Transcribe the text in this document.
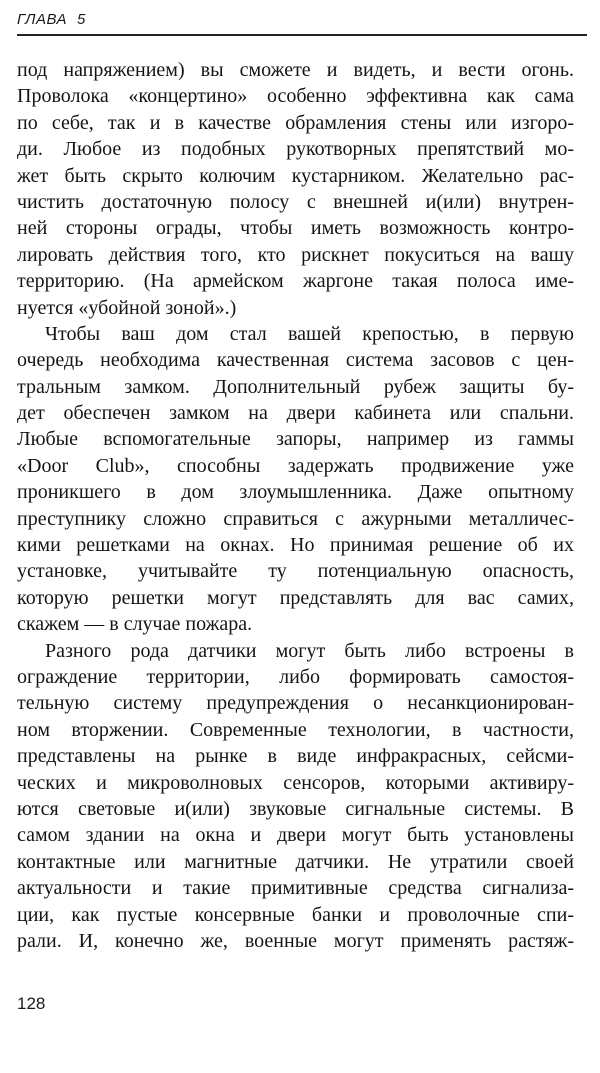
ГЛАВА 5
под напряжением) вы сможете и видеть, и вести огонь.
Проволока «концертино» особенно эффективна как сама
по себе, так и в качестве обрамления стены или изгоро-
ди. Любое из подобных рукотворных препятствий мо-
жет быть скрыто колючим кустарником. Желательно рас-
чистить достаточную полосу с внешней и(или) внутрен-
ней стороны ограды, чтобы иметь возможность контро-
лировать действия того, кто рискнет покуситься на вашу
территорию. (На армейском жаргоне такая полоса име-
нуется «убойной зоной».)
Чтобы ваш дом стал вашей крепостью, в первую
очередь необходима качественная система засовов с цен-
тральным замком. Дополнительный рубеж защиты бу-
дет обеспечен замком на двери кабинета или спальни.
Любые вспомогательные запоры, например из гаммы
«Door Club», способны задержать продвижение уже
проникшего в дом злоумышленника. Даже опытному
преступнику сложно справиться с ажурными металличес-
кими решетками на окнах. Но принимая решение об их
установке, учитывайте ту потенциальную опасность,
которую решетки могут представлять для вас самих,
скажем — в случае пожара.
Разного рода датчики могут быть либо встроены в
ограждение территории, либо формировать самостоя-
тельную систему предупреждения о несанкционирован-
ном вторжении. Современные технологии, в частности,
представлены на рынке в виде инфракрасных, сейсми-
ческих и микроволновых сенсоров, которыми активиру-
ются световые и(или) звуковые сигнальные системы. В
самом здании на окна и двери могут быть установлены
контактные или магнитные датчики. Не утратили своей
актуальности и такие примитивные средства сигнализа-
ции, как пустые консервные банки и проволочные спи-
рали. И, конечно же, военные могут применять растяж-
128
